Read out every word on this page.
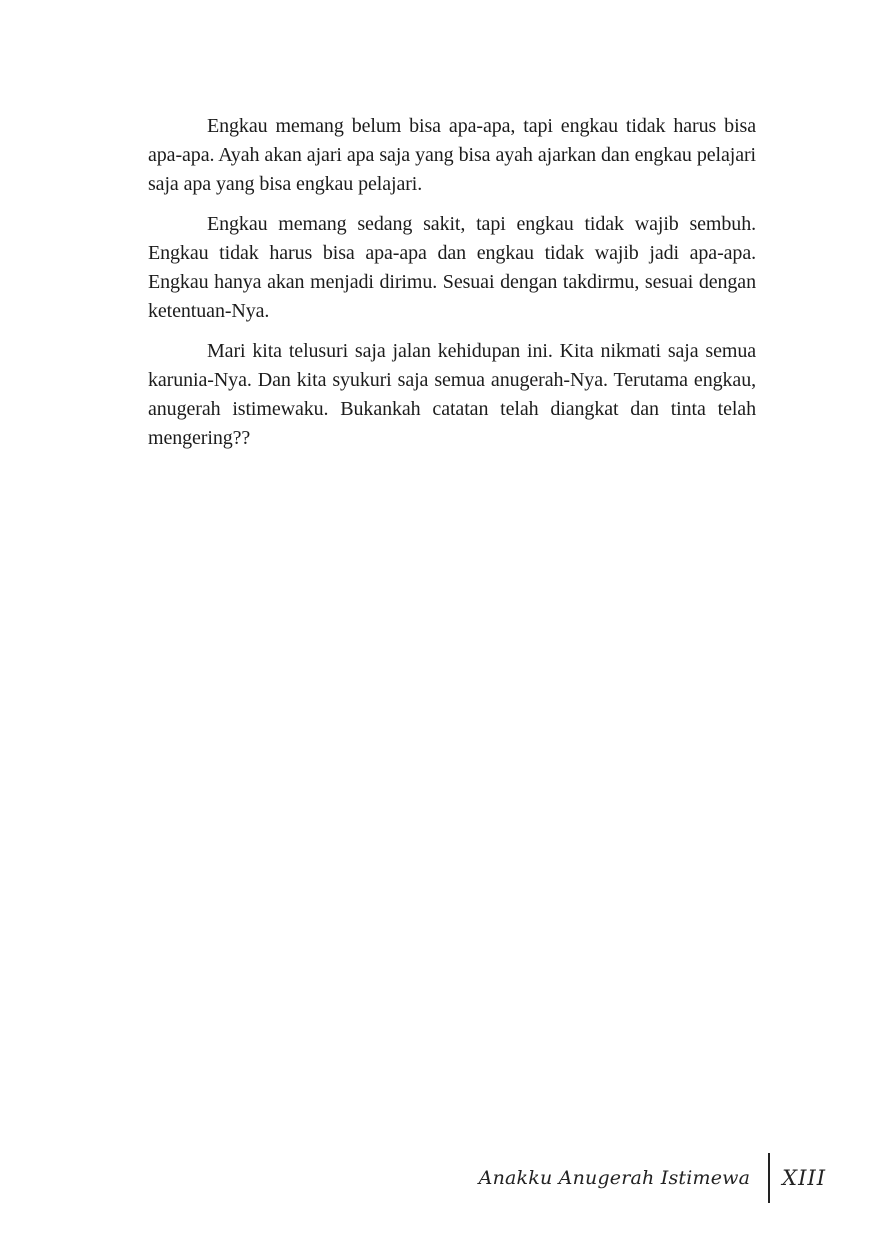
Engkau memang belum bisa apa-apa, tapi engkau tidak harus bisa apa-apa. Ayah akan ajari apa saja yang bisa ayah ajarkan dan engkau pelajari saja apa yang bisa engkau pelajari.

Engkau memang sedang sakit, tapi engkau tidak wajib sembuh. Engkau tidak harus bisa apa-apa dan engkau tidak wajib jadi apa-apa. Engkau hanya akan menjadi dirimu. Sesuai dengan takdirmu, sesuai dengan ketentuan-Nya.

Mari kita telusuri saja jalan kehidupan ini. Kita nikmati saja semua karunia-Nya. Dan kita syukuri saja semua anugerah-Nya. Terutama engkau, anugerah istimewaku. Bukankah catatan telah diangkat dan tinta telah mengering??

Anakku Anugerah Istimewa	XIII
